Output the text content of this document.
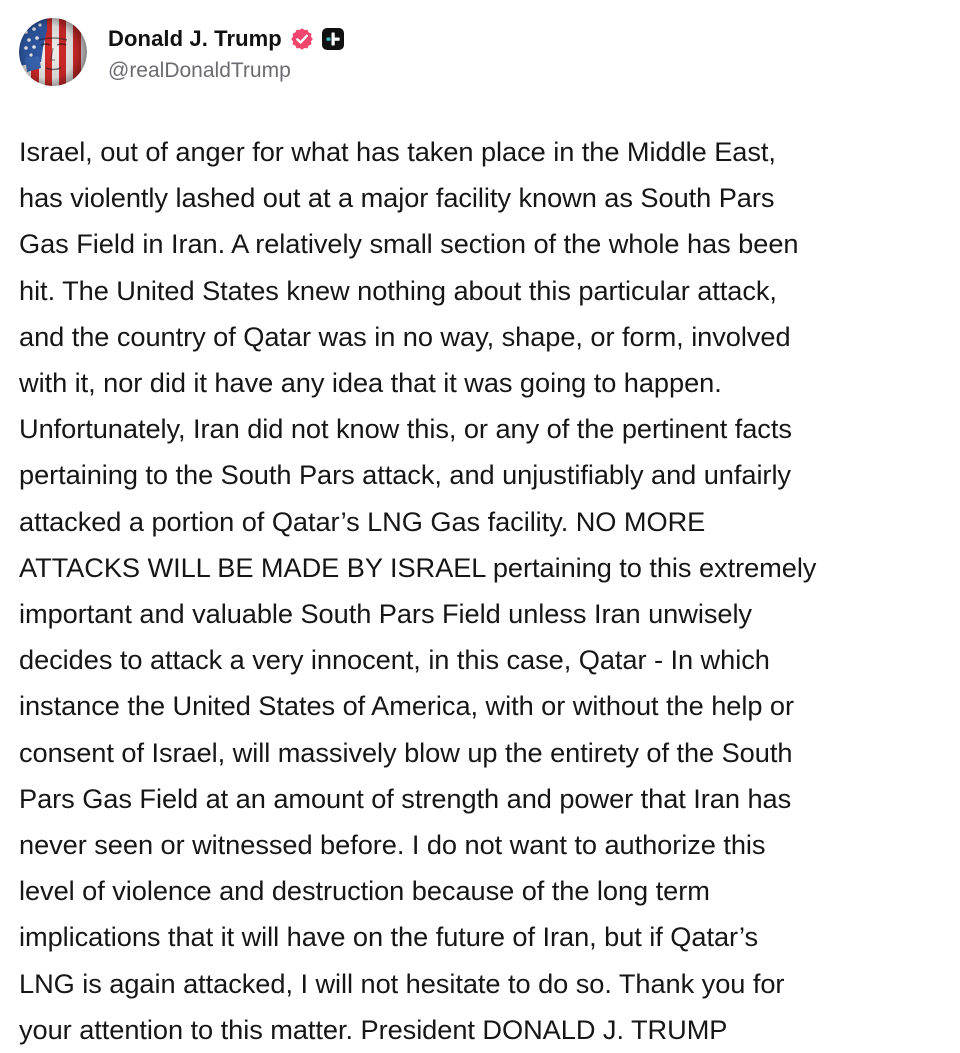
Donald J. Trump
@realDonaldTrump
Israel, out of anger for what has taken place in the Middle East,
has violently lashed out at a major facility known as South Pars
Gas Field in Iran. A relatively small section of the whole has been
hit. The United States knew nothing about this particular attack,
and the country of Qatar was in no way, shape, or form, involved
with it, nor did it have any idea that it was going to happen.
Unfortunately, Iran did not know this, or any of the pertinent facts
pertaining to the South Pars attack, and unjustifiably and unfairly
attacked a portion of Qatar’s LNG Gas facility. NO MORE
ATTACKS WILL BE MADE BY ISRAEL pertaining to this extremely
important and valuable South Pars Field unless Iran unwisely
decides to attack a very innocent, in this case, Qatar - In which
instance the United States of America, with or without the help or
consent of Israel, will massively blow up the entirety of the South
Pars Gas Field at an amount of strength and power that Iran has
never seen or witnessed before. I do not want to authorize this
level of violence and destruction because of the long term
implications that it will have on the future of Iran, but if Qatar’s
LNG is again attacked, I will not hesitate to do so. Thank you for
your attention to this matter. President DONALD J. TRUMP
